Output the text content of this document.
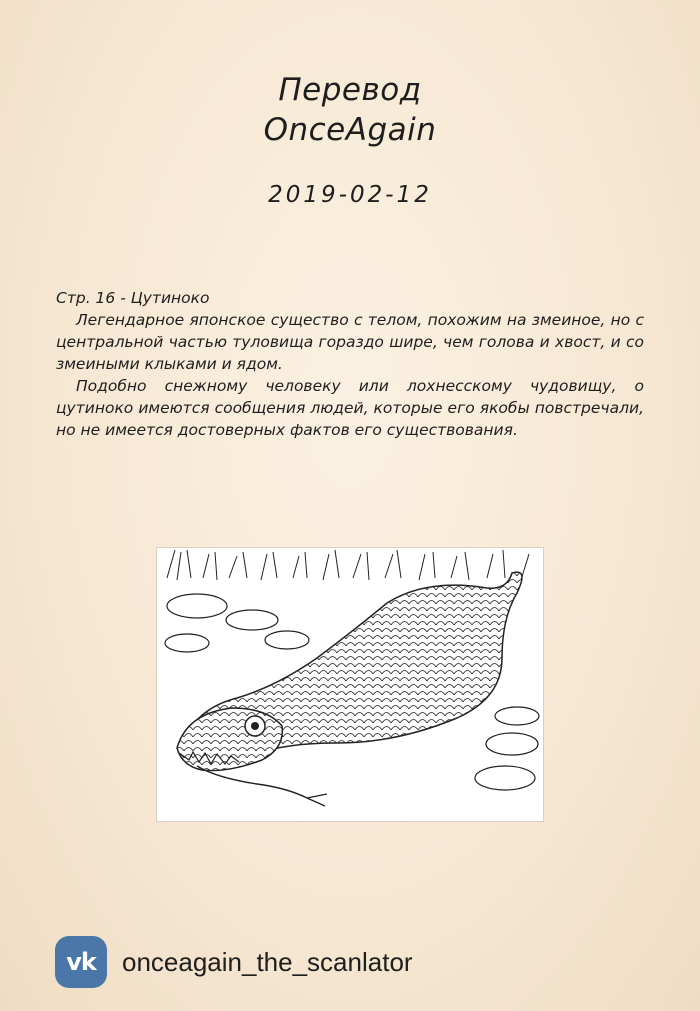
Перевод
OnceAgain
2019-02-12

Стр. 16 - Цутиноко

Легендарное японское существо с телом, похожим на змеиное, но с центральной частью туловища гораздо шире, чем голова и хвост, и со змеиными клыками и ядом.

Подобно снежному человеку или лохнесскому чудовищу, о цутиноко имеются сообщения людей, которые его якобы повстречали, но не имеется достоверных фактов его существования.

vk	onceagain_the_scanlator
